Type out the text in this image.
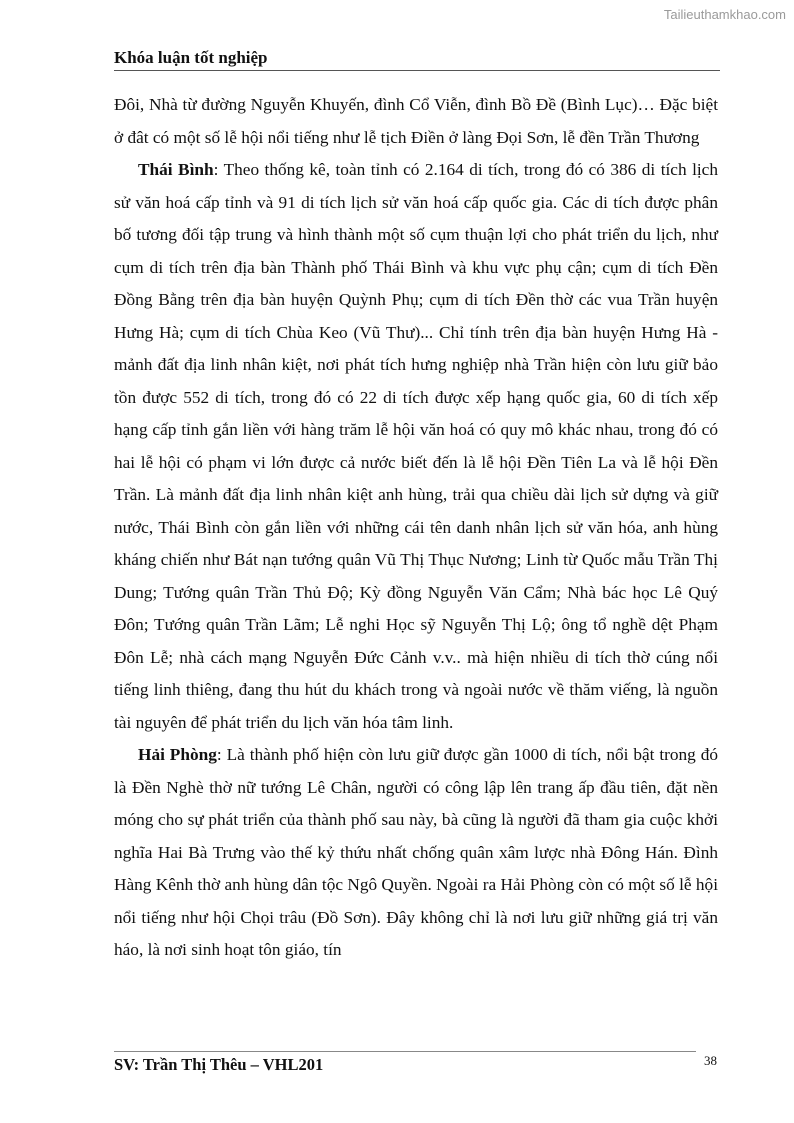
Tailieuthamkhao.com
Khóa luận tốt nghiệp

Đôi, Nhà từ đường Nguyễn Khuyến, đình Cổ Viễn, đình Bồ Đề (Bình Lục)… Đặc biệt ở đât có một số lễ hội nổi tiếng như lễ tịch Điền ở làng Đọi Sơn, lễ đền Trần Thương

Thái Bình: Theo thống kê, toàn tỉnh có 2.164 di tích, trong đó có 386 di tích lịch sử văn hoá cấp tỉnh và 91 di tích lịch sử văn hoá cấp quốc gia. Các di tích được phân bố tương đối tập trung và hình thành một số cụm thuận lợi cho phát triển du lịch, như cụm di tích trên địa bàn Thành phố Thái Bình và khu vực phụ cận; cụm di tích Đền Đồng Bằng trên địa bàn huyện Quỳnh Phụ; cụm di tích Đền thờ các vua Trần huyện Hưng Hà; cụm di tích Chùa Keo (Vũ Thư)... Chỉ tính trên địa bàn huyện Hưng Hà - mảnh đất địa linh nhân kiệt, nơi phát tích hưng nghiệp nhà Trần hiện còn lưu giữ bảo tồn được 552 di tích, trong đó có 22 di tích được xếp hạng quốc gia, 60 di tích xếp hạng cấp tỉnh gắn liền với hàng trăm lễ hội văn hoá có quy mô khác nhau, trong đó có hai lễ hội có phạm vi lớn được cả nước biết đến là lễ hội Đền Tiên La và lễ hội Đền Trần. Là mảnh đất địa linh nhân kiệt anh hùng, trải qua chiều dài lịch sử dựng và giữ nước, Thái Bình còn gắn liền với những cái tên danh nhân lịch sử văn hóa, anh hùng kháng chiến như Bát nạn tướng quân Vũ Thị Thục Nương; Linh từ Quốc mẫu Trần Thị Dung; Tướng quân Trần Thủ Độ; Kỳ đồng Nguyễn Văn Cẩm; Nhà bác học Lê Quý Đôn; Tướng quân Trần Lãm; Lễ nghi Học sỹ Nguyễn Thị Lộ; ông tổ nghề dệt Phạm Đôn Lễ; nhà cách mạng Nguyễn Đức Cảnh v.v.. mà hiện nhiều di tích thờ cúng nổi tiếng linh thiêng, đang thu hút du khách trong và ngoài nước về thăm viếng, là nguồn tài nguyên để phát triển du lịch văn hóa tâm linh.

Hải Phòng: Là thành phố hiện còn lưu giữ được gần 1000 di tích, nổi bật trong đó là Đền Nghè thờ nữ tướng Lê Chân, người có công lập lên trang ấp đầu tiên, đặt nền móng cho sự phát triển của thành phố sau này, bà cũng là người đã tham gia cuộc khởi nghĩa Hai Bà Trưng vào thế kỷ thứu nhất chống quân xâm lược nhà Đông Hán. Đình Hàng Kênh thờ anh hùng dân tộc Ngô Quyền. Ngoài ra Hải Phòng còn có một số lễ hội nổi tiếng như hội Chọi trâu (Đồ Sơn). Đây không chỉ là nơi lưu giữ những giá trị văn háo, là nơi sinh hoạt tôn giáo, tín

SV: Trần Thị Thêu – VHL201	38
